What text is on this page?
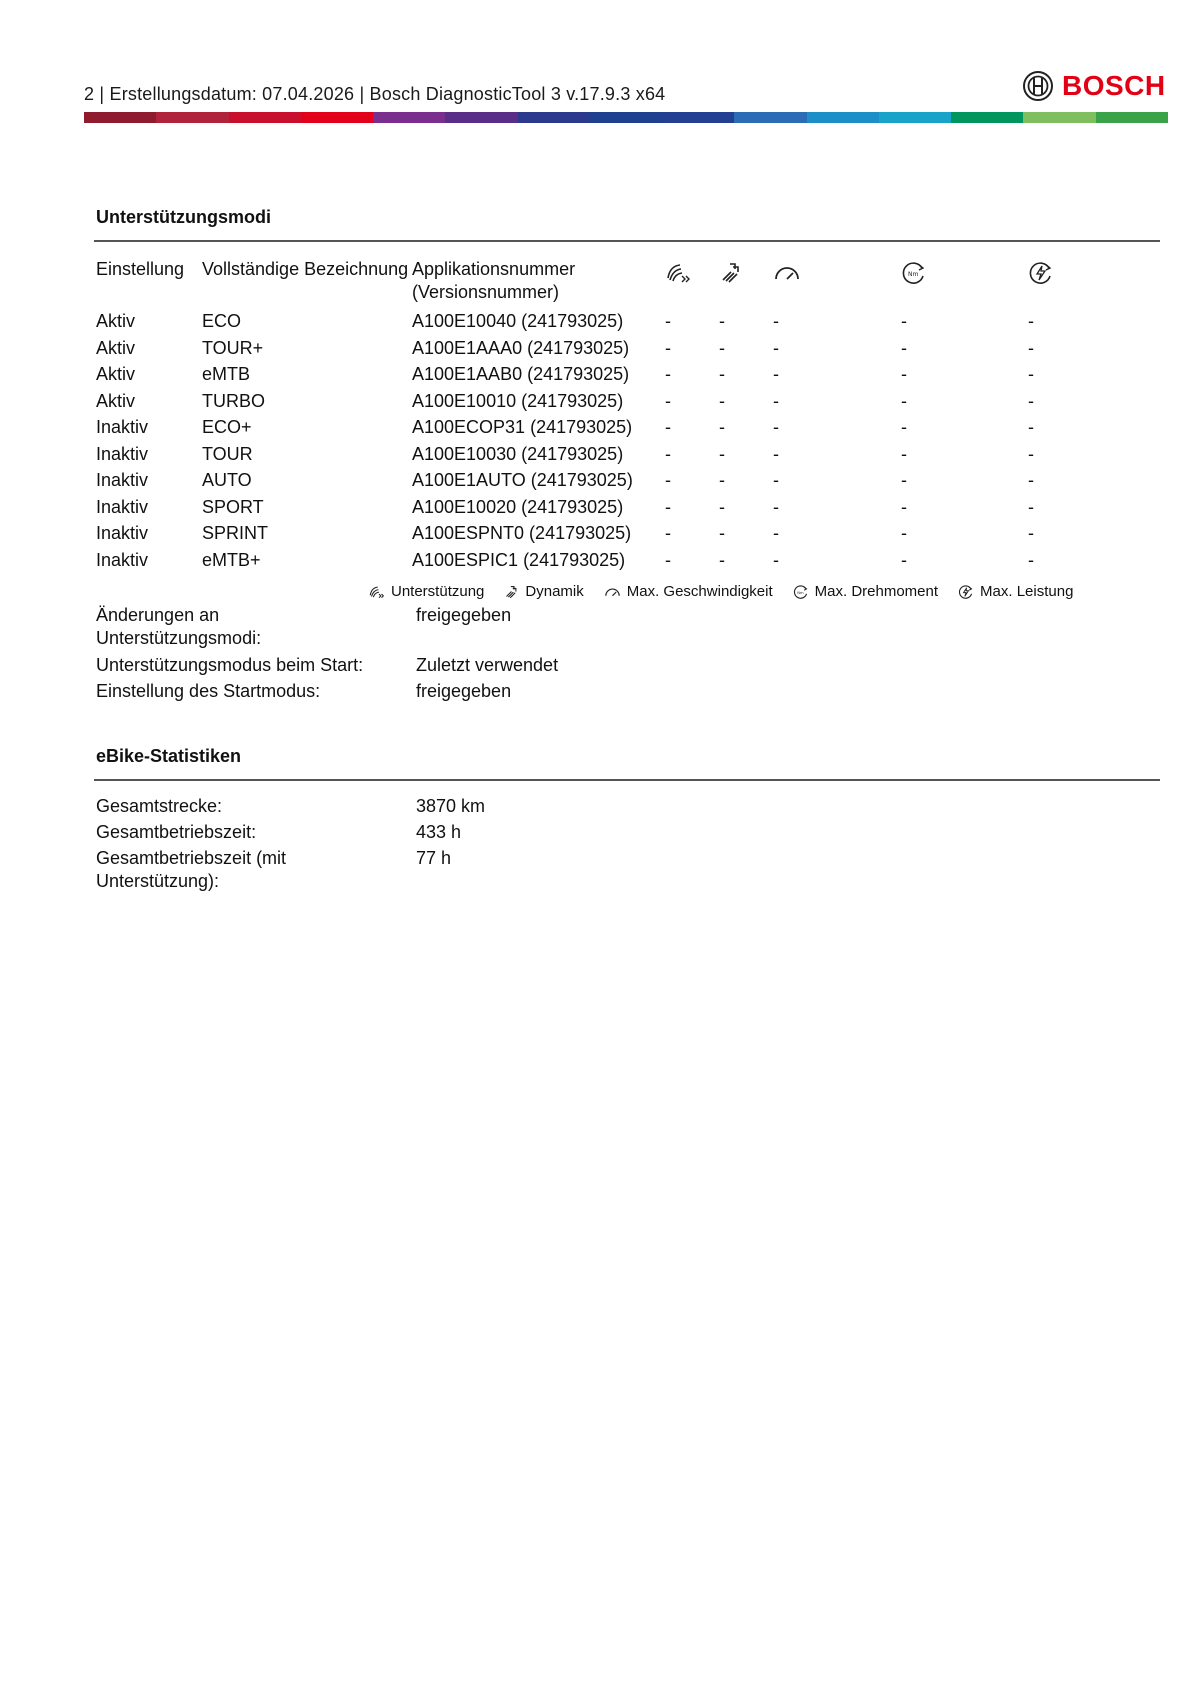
2 | Erstellungsdatum: 07.04.2026 | Bosch DiagnosticTool 3 v.17.9.3 x64	BOSCH
Unterstützungsmodi
Einstellung	Vollständige Bezeichnung	Applikationsnummer (Versionsnummer)				Nm

Aktiv	ECO	A100E10040 (241793025)	-	-	-	-	-	
Aktiv	TOUR+	A100E1AAA0 (241793025)	-	-	-	-	-	
Aktiv	eMTB	A100E1AAB0 (241793025)	-	-	-	-	-	
Aktiv	TURBO	A100E10010 (241793025)	-	-	-	-	-	
Inaktiv	ECO+	A100ECOP31 (241793025)	-	-	-	-	-	
Inaktiv	TOUR	A100E10030 (241793025)	-	-	-	-	-	
Inaktiv	AUTO	A100E1AUTO (241793025)	-	-	-	-	-	
Inaktiv	SPORT	A100E10020 (241793025)	-	-	-	-	-	
Inaktiv	SPRINT	A100ESPNT0 (241793025)	-	-	-	-	-	
Inaktiv	eMTB+	A100ESPIC1 (241793025)	-	-	-	-	-	
Unterstützung	Dynamik	Max. Geschwindigkeit	Nm Max. Drehmoment	Max. Leistung
Änderungen an Unterstützungsmodi:
freigegeben
Unterstützungsmodus beim Start:	Zuletzt verwendet
Einstellung des Startmodus:	freigegeben
eBike-Statistiken
Gesamtstrecke:	3870 km
Gesamtbetriebszeit:	433 h
Gesamtbetriebszeit (mit Unterstützung):
77 h
